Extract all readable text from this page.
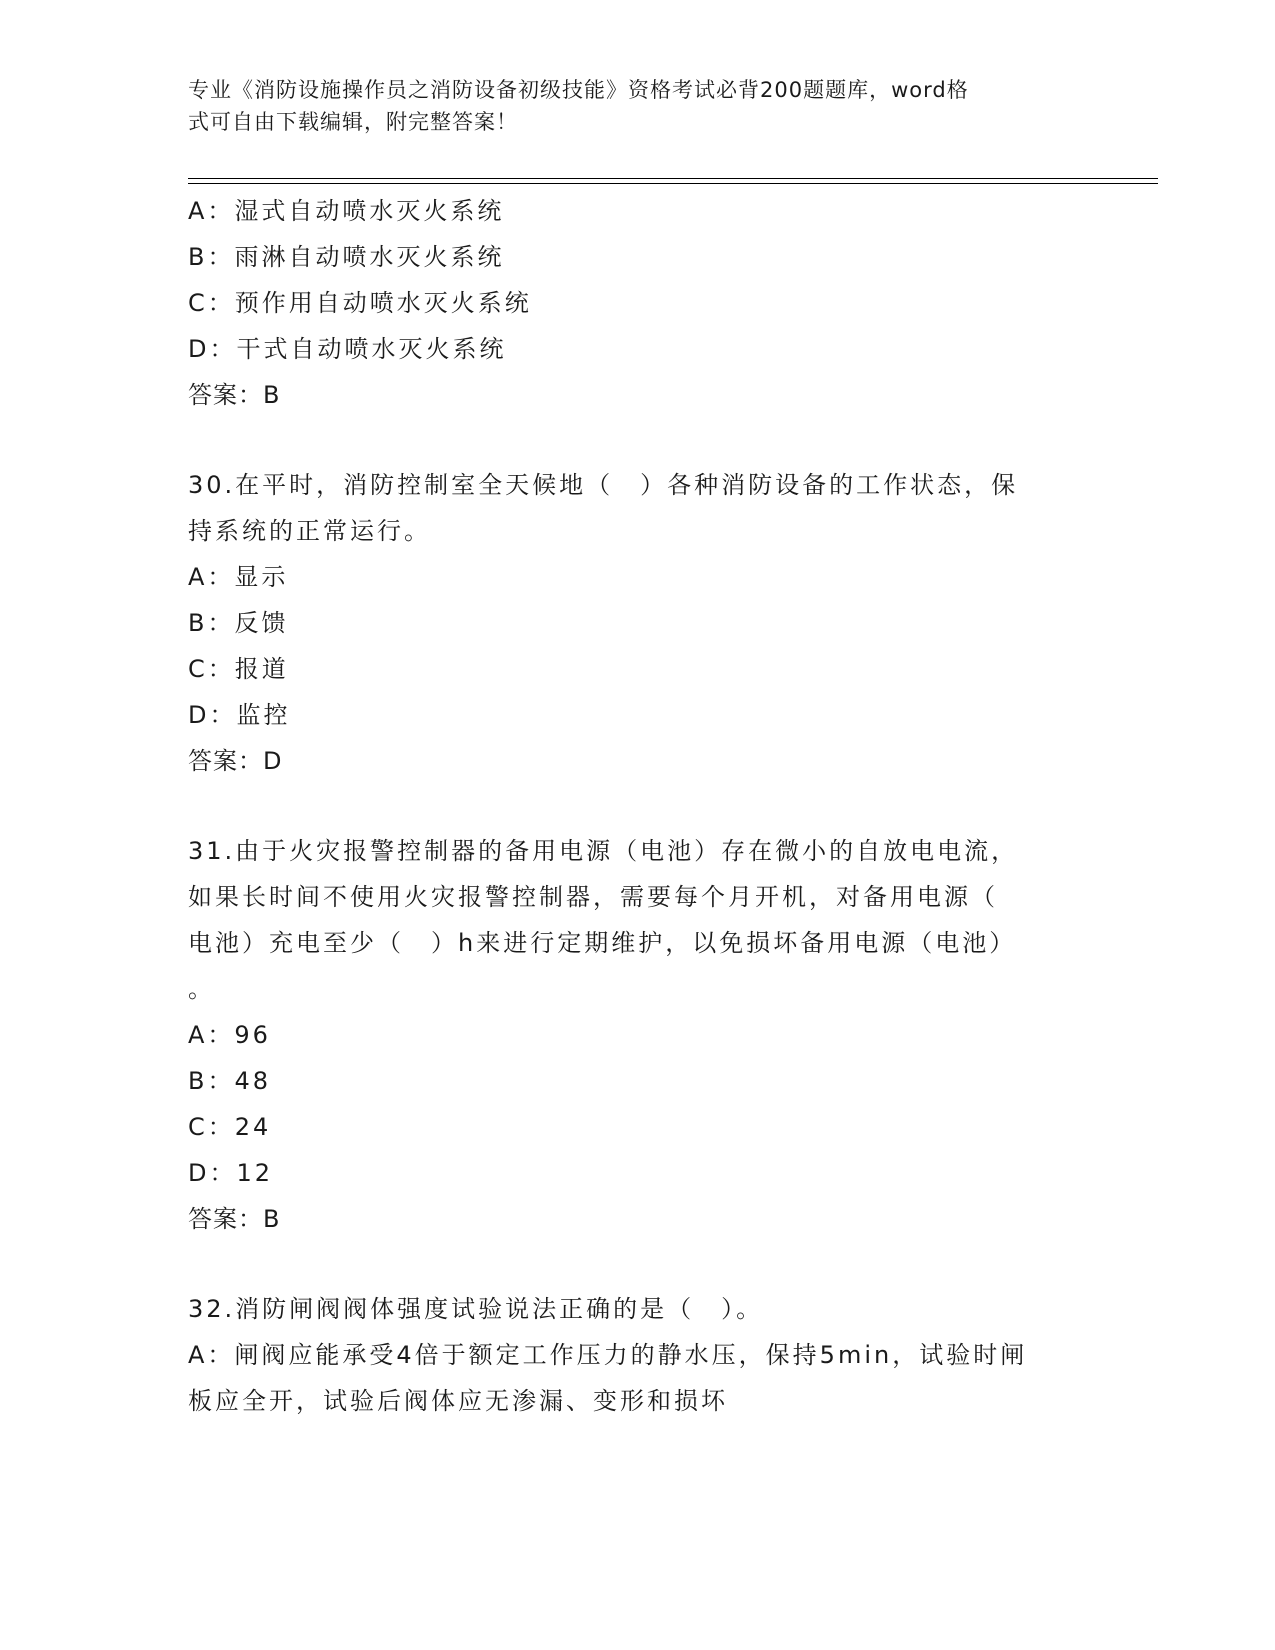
专业《消防设施操作员之消防设备初级技能》资格考试必背200题题库，word格
式可自由下载编辑，附完整答案！
A：湿式自动喷水灭火系统
B：雨淋自动喷水灭火系统
C：预作用自动喷水灭火系统
D：干式自动喷水灭火系统
答案：B
30.在平时，消防控制室全天候地（　）各种消防设备的工作状态，保
持系统的正常运行。
A：显示
B：反馈
C：报道
D：监控
答案：D
31.由于火灾报警控制器的备用电源（电池）存在微小的自放电电流，
如果长时间不使用火灾报警控制器，需要每个月开机，对备用电源（
电池）充电至少（　）h来进行定期维护，以免损坏备用电源（电池）
。
A：96
B：48
C：24
D：12
答案：B
32.消防闸阀阀体强度试验说法正确的是（　）。
A：闸阀应能承受4倍于额定工作压力的静水压，保持5min，试验时闸
板应全开，试验后阀体应无渗漏、变形和损坏
